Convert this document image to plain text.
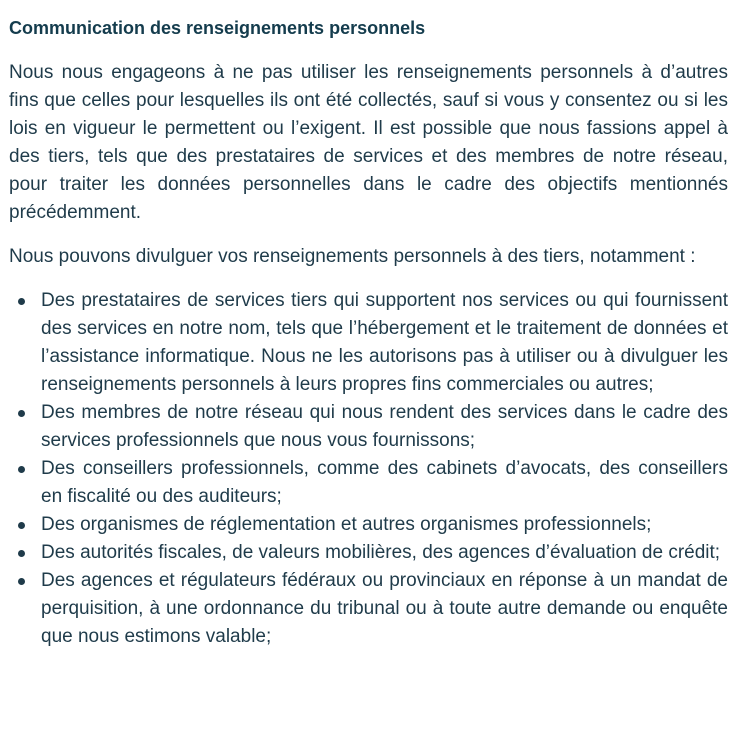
Communication des renseignements personnels

Nous nous engageons à ne pas utiliser les renseignements personnels à d’autres fins que celles pour lesquelles ils ont été collectés, sauf si vous y consentez ou si les lois en vigueur le permettent ou l’exigent. Il est possible que nous fassions appel à des tiers, tels que des prestataires de services et des membres de notre réseau, pour traiter les données personnelles dans le cadre des objectifs mentionnés précédemment.

Nous pouvons divulguer vos renseignements personnels à des tiers, notamment :

Des prestataires de services tiers qui supportent nos services ou qui fournissent des services en notre nom, tels que l’hébergement et le traitement de données et l’assistance informatique. Nous ne les autorisons pas à utiliser ou à divulguer les renseignements personnels à leurs propres fins commerciales ou autres;
Des membres de notre réseau qui nous rendent des services dans le cadre des services professionnels que nous vous fournissons;
Des conseillers professionnels, comme des cabinets d’avocats, des conseillers en fiscalité ou des auditeurs;
Des organismes de réglementation et autres organismes professionnels;
Des autorités fiscales, de valeurs mobilières, des agences d’évaluation de crédit;
Des agences et régulateurs fédéraux ou provinciaux en réponse à un mandat de perquisition, à une ordonnance du tribunal ou à toute autre demande ou enquête que nous estimons valable;
